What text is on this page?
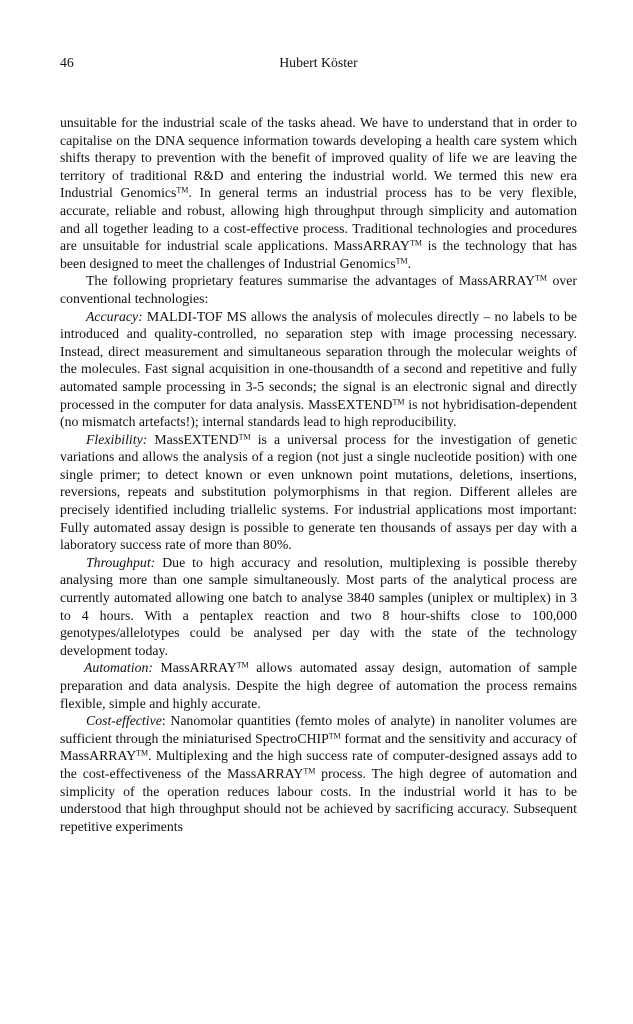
46	Hubert Köster

unsuitable for the industrial scale of the tasks ahead. We have to understand that in order to capitalise on the DNA sequence information towards developing a health care system which shifts therapy to prevention with the benefit of improved quality of life we are leaving the territory of traditional R&D and entering the industrial world. We termed this new era Industrial Genomics™. In general terms an industrial process has to be very flexible, accurate, reliable and robust, allowing high throughput through simplicity and automation and all together leading to a cost-effective process. Traditional technologies and procedures are unsuitable for industrial scale applications. MassARRAY™ is the technology that has been designed to meet the challenges of Industrial Genomics™.

The following proprietary features summarise the advantages of MassARRAY™ over conventional technologies:

Accuracy: MALDI-TOF MS allows the analysis of molecules directly – no labels to be introduced and quality-controlled, no separation step with image processing necessary. Instead, direct measurement and simultaneous separation through the molecular weights of the molecules. Fast signal acquisition in one-thousandth of a second and repetitive and fully automated sample processing in 3-5 seconds; the signal is an electronic signal and directly processed in the computer for data analysis. MassEXTEND™ is not hybridisation-dependent (no mismatch artefacts!); internal standards lead to high reproducibility.

Flexibility: MassEXTEND™ is a universal process for the investigation of genetic variations and allows the analysis of a region (not just a single nucleotide position) with one single primer; to detect known or even unknown point mutations, deletions, insertions, reversions, repeats and substitution polymorphisms in that region. Different alleles are precisely identified including triallelic systems. For industrial applications most important: Fully automated assay design is possible to generate ten thousands of assays per day with a laboratory success rate of more than 80%.

Throughput: Due to high accuracy and resolution, multiplexing is possible thereby analysing more than one sample simultaneously. Most parts of the analytical process are currently automated allowing one batch to analyse 3840 samples (uniplex or multiplex) in 3 to 4 hours. With a pentaplex reaction and two 8 hour-shifts close to 100,000 genotypes/allelotypes could be analysed per day with the state of the technology development today.

Automation: MassARRAY™ allows automated assay design, automation of sample preparation and data analysis. Despite the high degree of automation the process remains flexible, simple and highly accurate.

Cost-effective: Nanomolar quantities (femto moles of analyte) in nanoliter volumes are sufficient through the miniaturised SpectroCHIP™ format and the sensitivity and accuracy of MassARRAY™. Multiplexing and the high success rate of computer-designed assays add to the cost-effectiveness of the MassARRAY™ process. The high degree of automation and simplicity of the operation reduces labour costs. In the industrial world it has to be understood that high throughput should not be achieved by sacrificing accuracy. Subsequent repetitive experiments
